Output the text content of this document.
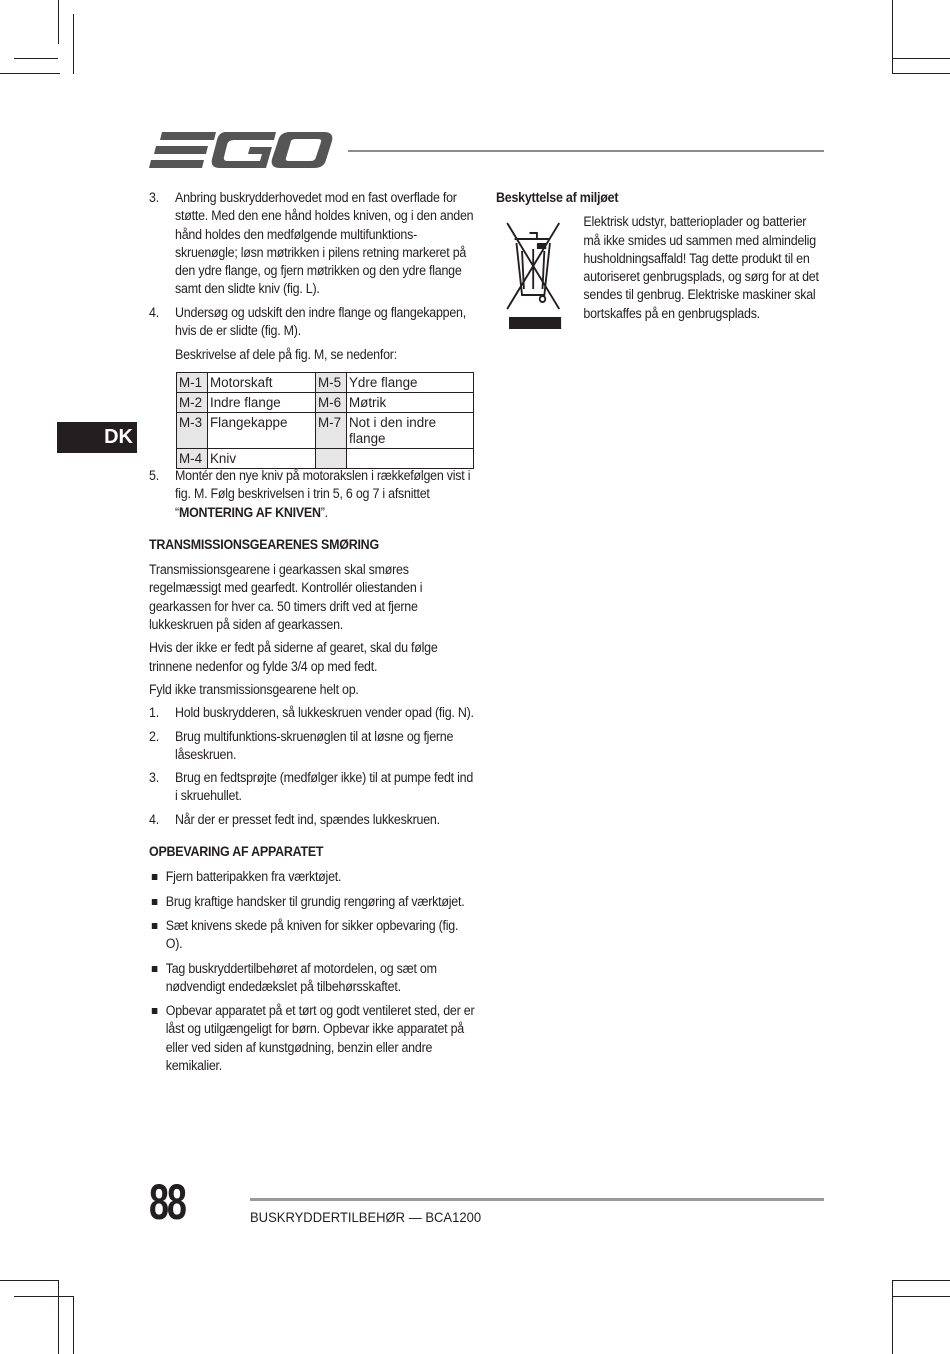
DK
3. Anbring buskrydderhovedet mod en fast overflade for støtte. Med den ene hånd holdes kniven, og i den anden hånd holdes den medfølgende multifunktions-skruenøgle; løsn møtrikken i pilens retning markeret på den ydre flange, og fjern møtrikken og den ydre flange samt den slidte kniv (fig. L).
4. Undersøg og udskift den indre flange og flangekappen, hvis de er slidte (fig. M).
Beskrivelse af dele på fig. M, se nedenfor:
M-1	Motorskaft	M-5	Ydre flange
M-2	Indre flange	M-6	Møtrik
M-3	Flangekappe	M-7	Not i den indre flange
M-4	Kniv		
5. Montér den nye kniv på motorakslen i rækkefølgen vist i fig. M. Følg beskrivelsen i trin 5, 6 og 7 i afsnittet “MONTERING AF KNIVEN”.
TRANSMISSIONSGEARENES SMØRING

Transmissionsgearene i gearkassen skal smøres regelmæssigt med gearfedt. Kontrollér oliestanden i gearkassen for hver ca. 50 timers drift ved at fjerne lukkeskruen på siden af gearkassen.

Hvis der ikke er fedt på siderne af gearet, skal du følge trinnene nedenfor og fylde 3/4 op med fedt.

Fyld ikke transmissionsgearene helt op.

1. Hold buskrydderen, så lukkeskruen vender opad (fig. N).
2. Brug multifunktions-skruenøglen til at løsne og fjerne låseskruen.
3. Brug en fedtsprøjte (medfølger ikke) til at pumpe fedt ind i skruehullet.
4. Når der er presset fedt ind, spændes lukkeskruen.
OPBEVARING AF APPARATET
Fjern batteripakken fra værktøjet.
Brug kraftige handsker til grundig rengøring af værktøjet.
Sæt knivens skede på kniven for sikker opbevaring (fig. O).
Tag buskryddertilbehøret af motordelen, og sæt om nødvendigt endedækslet på tilbehørsskaftet.
Opbevar apparatet på et tørt og godt ventileret sted, der er låst og utilgængeligt for børn. Opbevar ikke apparatet på eller ved siden af kunstgødning, benzin eller andre kemikalier.
Beskyttelse af miljøet
Elektrisk udstyr, batterioplader og batterier må ikke smides ud sammen med almindelig husholdningsaffald! Tag dette produkt til en autoriseret genbrugsplads, og sørg for at det sendes til genbrug. Elektriske maskiner skal bortskaffes på en genbrugsplads.
88	BUSKRYDDERTILBEHØR — BCA1200
